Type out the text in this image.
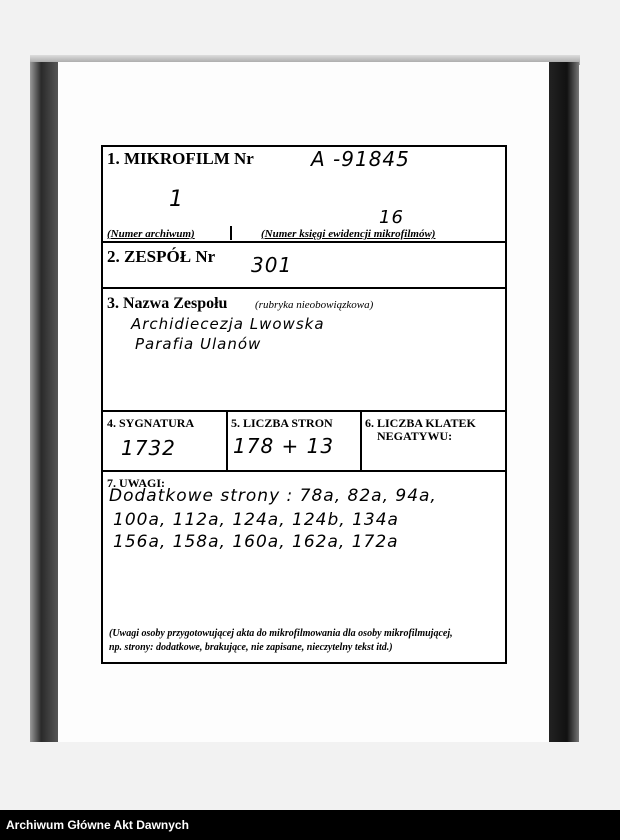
1. MIKROFILM Nr	A -91845
1
16
(Numer archiwum)	(Numer księgi ewidencji mikrofilmów)
2. ZESPÓŁ Nr 301
3. Nazwa Zespołu	(rubryka nieobowiązkowa)
Archidiecezja Lwowska
Parafia Ulanów
4. SYGNATURA
1732
5. LICZBA STRON
178 + 13
6. LICZBA KLATEK
NEGATYWU:
7. UWAGI:
Dodatkowe strony : 78a, 82a, 94a,
100a, 112a, 124a, 124b, 134a
156a, 158a, 160a, 162a, 172a
(Uwagi osoby przygotowującej akta do mikrofilmowania dla osoby mikrofilmującej,
np. strony: dodatkowe, brakujące, nie zapisane, nieczytelny tekst itd.)
Archiwum Główne Akt Dawnych
